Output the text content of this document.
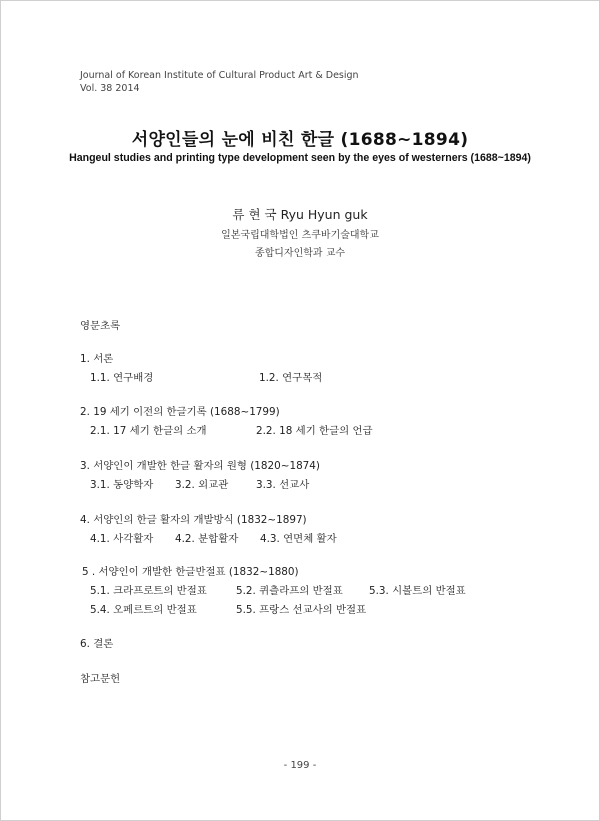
Journal of Korean Institute of Cultural Product Art & Design
Vol. 38 2014
서양인들의 눈에 비친 한글 (1688~1894)
Hangeul studies and printing type development seen by the eyes of westerners (1688~1894)
류 현 국 Ryu Hyun guk
일본국립대학법인 츠쿠바기술대학교
종합디자인학과 교수
영문초록
1. 서론
1.1. 연구배경	1.2. 연구목적
2. 19 세기 이전의 한글기록 (1688~1799)
2.1. 17 세기 한글의 소개	2.2. 18 세기 한글의 언급
3. 서양인이 개발한 한글 활자의 원형 (1820~1874)
3.1. 동양학자 3.2. 외교관	3.3. 선교사
4. 서양인의 한글 활자의 개발방식 (1832~1897)
4.1. 사각활자 4.2. 분합활자 4.3. 연면체 활자
5 . 서양인이 개발한 한글반절표 (1832~1880)
5.1. 크라프로트의 반절표	5.2. 퀴츨라프의 반절표	5.3. 시볼트의 반절표
5.4. 오페르트의 반절표	5.5. 프랑스 선교사의 반절표
6. 결론
참고문헌
- 199 -
